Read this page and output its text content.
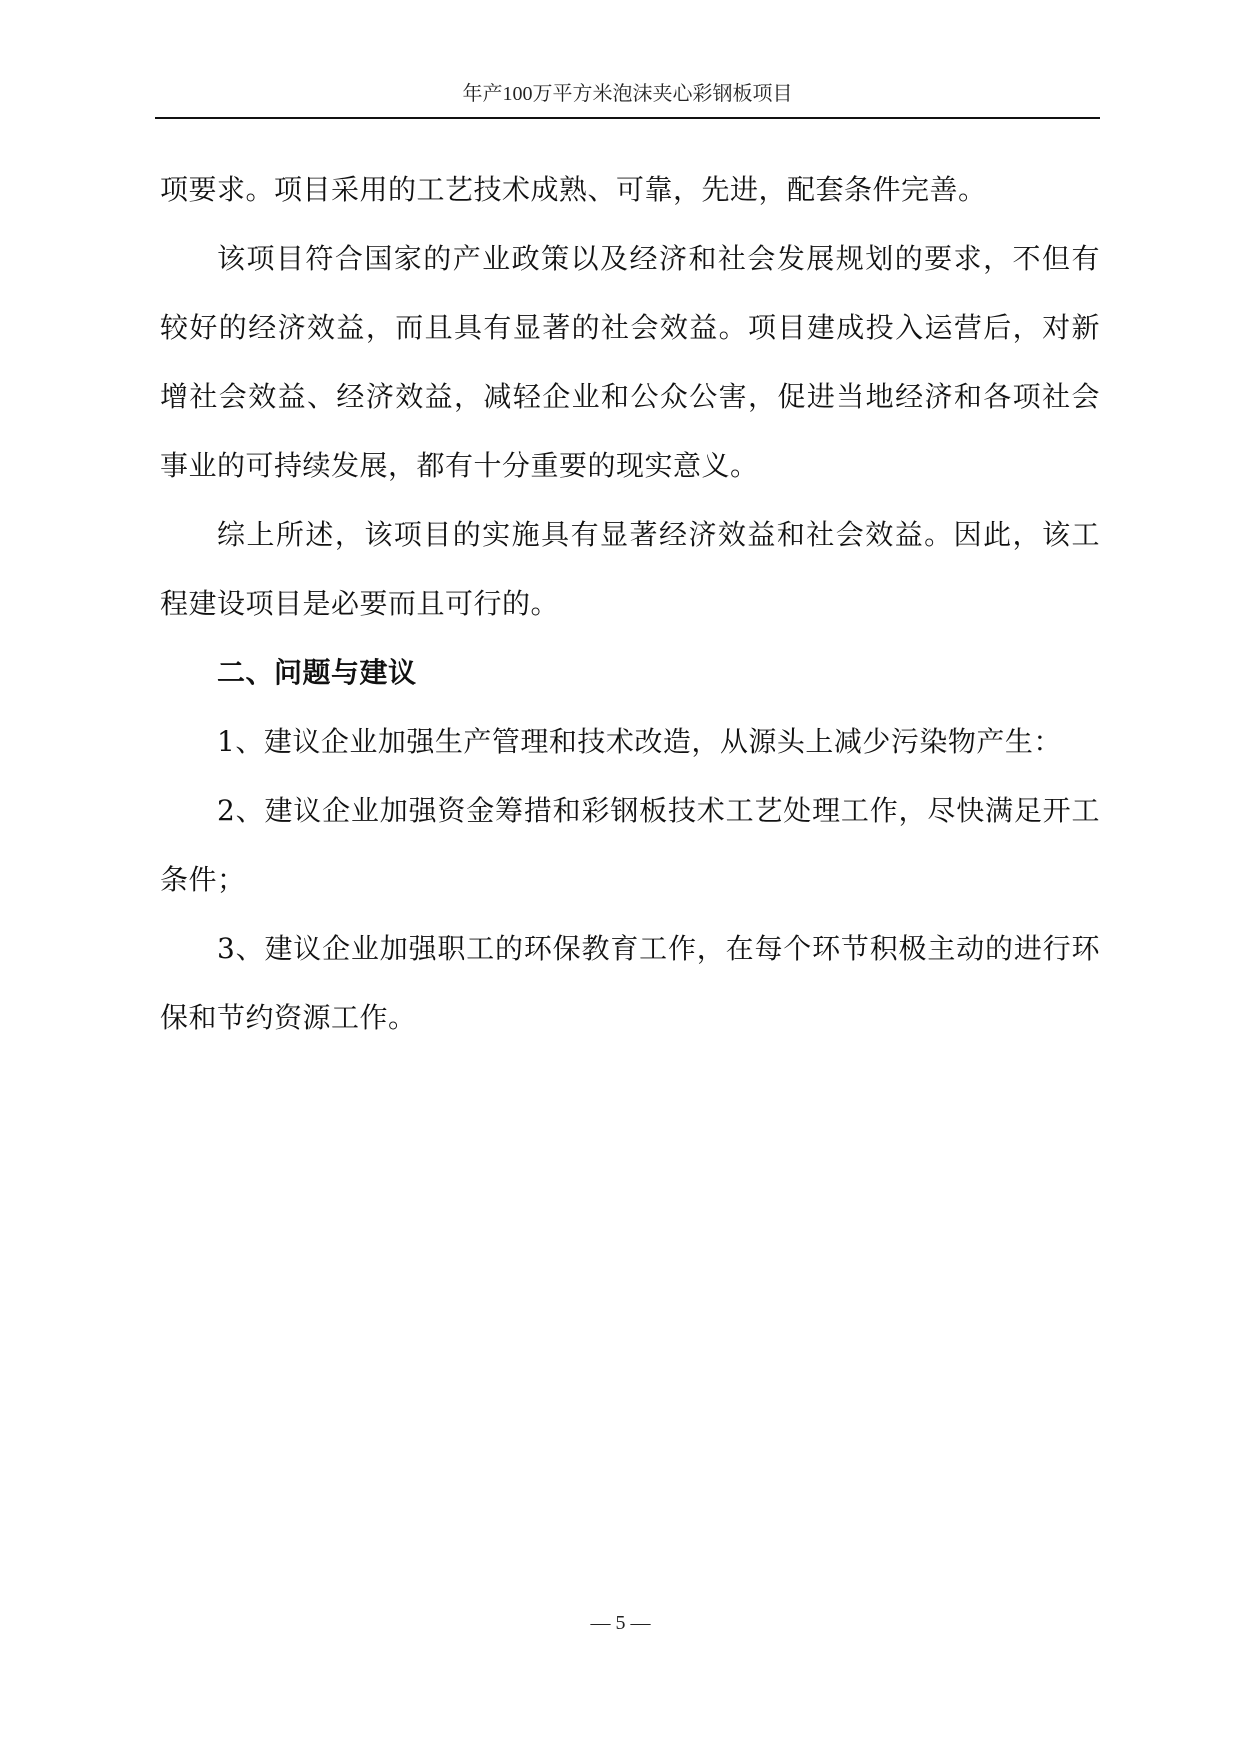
年产100万平方米泡沫夹心彩钢板项目
项要求。项目采用的工艺技术成熟、可靠，先进，配套条件完善。
该项目符合国家的产业政策以及经济和社会发展规划的要求，不但有
较好的经济效益，而且具有显著的社会效益。项目建成投入运营后，对新
增社会效益、经济效益，减轻企业和公众公害，促进当地经济和各项社会
事业的可持续发展，都有十分重要的现实意义。
综上所述，该项目的实施具有显著经济效益和社会效益。因此，该工
程建设项目是必要而且可行的。
二、问题与建议
1、建议企业加强生产管理和技术改造，从源头上减少污染物产生：
2、建议企业加强资金筹措和彩钢板技术工艺处理工作，尽快满足开工
条件；
3、建议企业加强职工的环保教育工作，在每个环节积极主动的进行环
保和节约资源工作。
— 5 —
